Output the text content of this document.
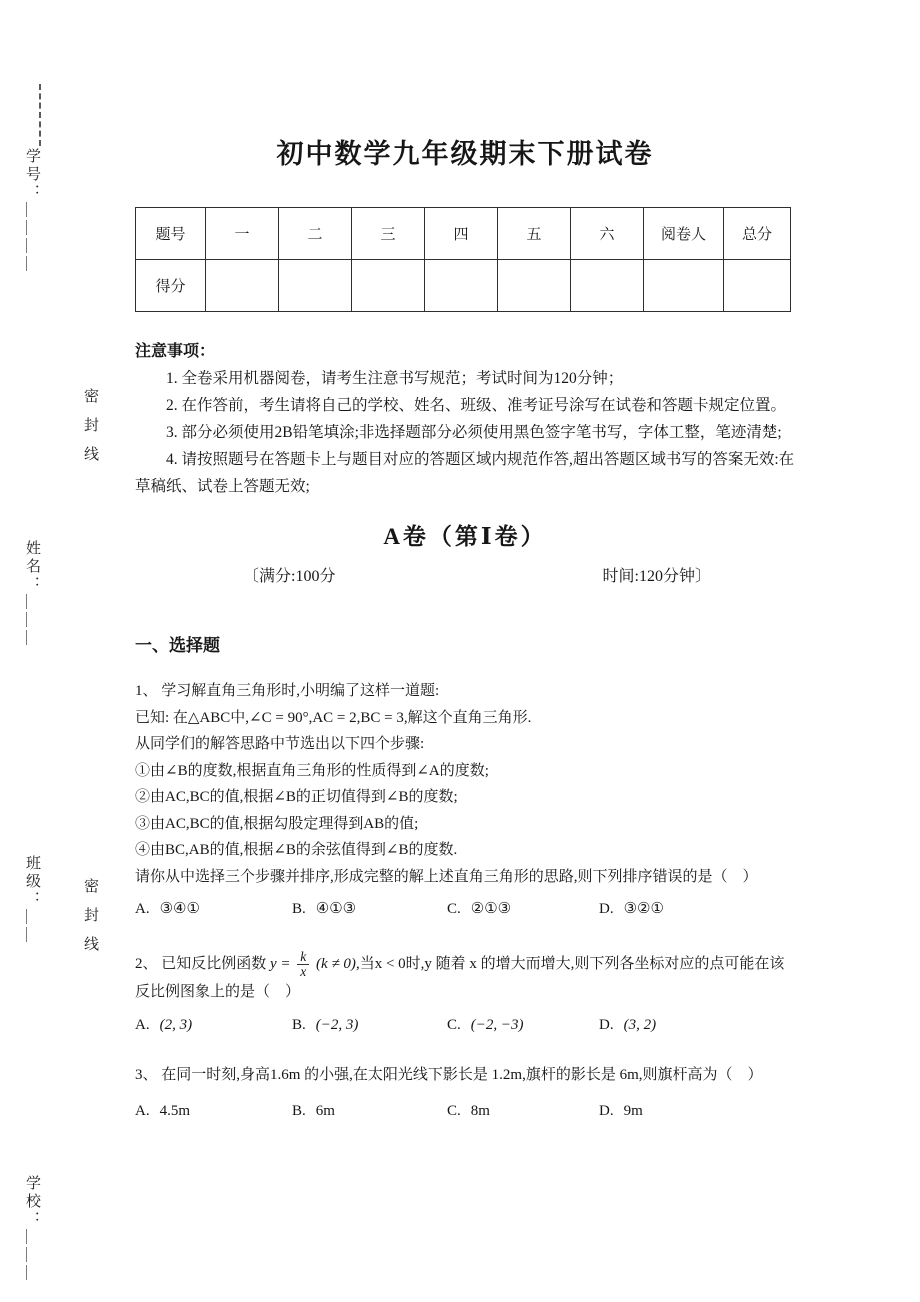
学号：＿＿＿＿
密封线
姓名：＿＿＿
班级：＿＿	密封线
学校：＿＿＿
初中数学九年级期末下册试卷
题号	一	二	三	四	五	六	阅卷人	总分
得分								
注意事项：
1. 全卷采用机器阅卷，请考生注意书写规范；考试时间为120分钟；
2. 在作答前，考生请将自己的学校、姓名、班级、准考证号涂写在试卷和答题卡规定位置。
3. 部分必须使用2B铅笔填涂;非选择题部分必须使用黑色签字笔书写，字体工整，笔迹清楚;
4. 请按照题号在答题卡上与题目对应的答题区域内规范作答,超出答题区域书写的答案无效:在草稿纸、试卷上答题无效;
A卷（第Ⅰ卷）
〔满分:100分	时间:120分钟〕
一、选择题
1、 学习解直角三角形时,小明编了这样一道题:
已知: 在△ABC中,∠C = 90°,AC = 2,BC = 3,解这个直角三角形.
从同学们的解答思路中节选出以下四个步骤:
①由∠B的度数,根据直角三角形的性质得到∠A的度数;
②由AC,BC的值,根据∠B的正切值得到∠B的度数;
③由AC,BC的值,根据勾股定理得到AB的值;
④由BC,AB的值,根据∠B的余弦值得到∠B的度数.
请你从中选择三个步骤并排序,形成完整的解上述直角三角形的思路,则下列排序错误的是（　）
A. ③④①	B. ④①③	C. ②①③	D. ③②①
2、 已知反比例函数 $y = \frac{k}{x} (k \ne 0)$,当x < 0时,y 随着 x 的增大而增大,则下列各坐标对应的点可能在该反比例图象上的是（　）
A. (2, 3)	B. (−2, 3)	C. (−2, −3)	D. (3, 2)
3、 在同一时刻,身高1.6m 的小强,在太阳光线下影长是 1.2m,旗杆的影长是 6m,则旗杆高为（　）
A. 4.5m	B. 6m	C. 8m	D. 9m
